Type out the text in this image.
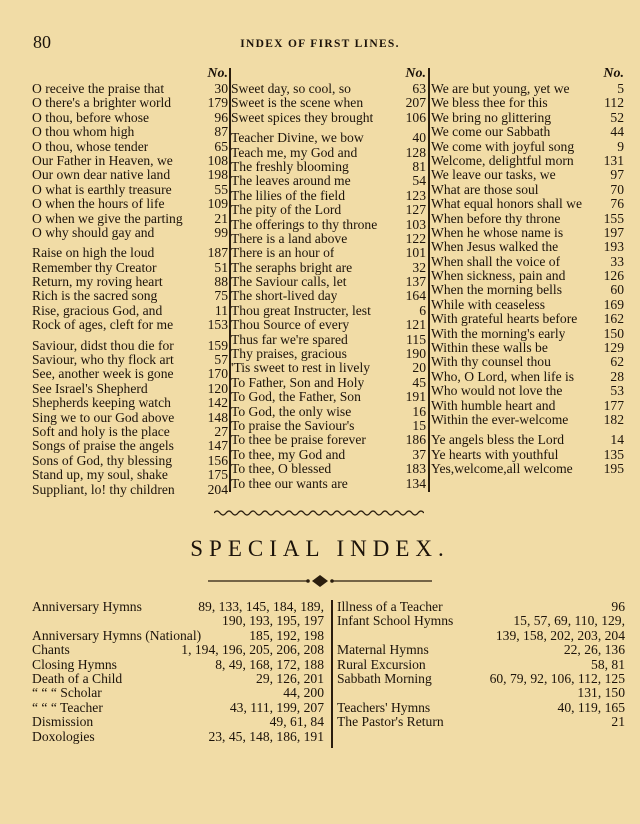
80	INDEX OF FIRST LINES.
No.
O receive the praise that	30
O there's a brighter world	179
O thou, before whose	96
O thou whom high	87
O thou, whose tender	65
Our Father in Heaven, we	108
Our own dear native land	198
O what is earthly treasure	55
O when the hours of life	109
O when we give the parting 21
O why should gay and	99
Raise on high the loud	187
Remember thy Creator	51
Return, my roving heart	88
Rich is the sacred song	75
Rise, gracious God, and	11
Rock of ages, cleft for me	153
Saviour, didst thou die for 159
Saviour, who thy flock art	57
See, another week is gone	170
See Israel's Shepherd	120
Shepherds keeping watch	142
Sing we to our God above 148
Soft and holy is the place	27
Songs of praise the angels 147
Sons of God, thy blessing	156
Stand up, my soul, shake	175
Suppliant, lo! thy children 204
No.
Sweet day, so cool, so	63
Sweet is the scene when	207
Sweet spices they brought 106
Teacher Divine, we bow	40
Teach me, my God and	128
The freshly blooming	81
The leaves around me	54
The lilies of the field	123
The pity of the Lord	127
The offerings to thy throne 103
There is a land above	122
There is an hour of	101
The seraphs bright are	32
The Saviour calls, let	137
The short-lived day	164
Thou great Instructer, lest	6
Thou Source of every	121
Thus far we're spared	115
Thy praises, gracious	190
'Tis sweet to rest in lively	20
To Father, Son and Holy	45
To God, the Father, Son	191
To God, the only wise	16
To praise the Saviour's	15
To thee be praise forever	186
To thee, my God and	37
To thee, O blessed	183
To thee our wants are	134
No.
We are but young, yet we	5
We bless thee for this	112
We bring no glittering	52
We come our Sabbath	44
We come with joyful song	9
Welcome, delightful morn 131
We leave our tasks, we	97
What are those soul	70
What equal honors shall we 76
When before thy throne	155
When he whose name is	197
When Jesus walked the	193
When shall the voice of	33
When sickness, pain and	126
When the morning bells	60
While with ceaseless	169
With grateful hearts before 162
With the morning's early	150
Within these walls be	129
With thy counsel thou	62
Who, O Lord, when life is	28
Who would not love the	53
With humble heart and	177
Within the ever-welcome	182
Ye angels bless the Lord	14
Ye hearts with youthful	135
Yes,welcome,all welcome 195
SPECIAL INDEX.
Anniversary Hymns	89, 133, 145, 184, 189,
190, 193, 195, 197
Anniversary Hymns (National)	185, 192, 198
Chants	1, 194, 196, 205, 206, 208
Closing Hymns	8, 49, 168, 172, 188
Death of a Child	29, 126, 201
“ “ “ Scholar	44, 200
“ “ “ Teacher	43, 111, 199, 207
Dismission	49, 61, 84
Doxologies	23, 45, 148, 186, 191
Illness of a Teacher	96
Infant School Hymns	15, 57, 69, 110, 129,
139, 158, 202, 203, 204
Maternal Hymns	22, 26, 136
Rural Excursion	58, 81
Sabbath Morning	60, 79, 92, 106, 112, 125
131, 150
Teachers' Hymns	40, 119, 165
The Pastor's Return	21
